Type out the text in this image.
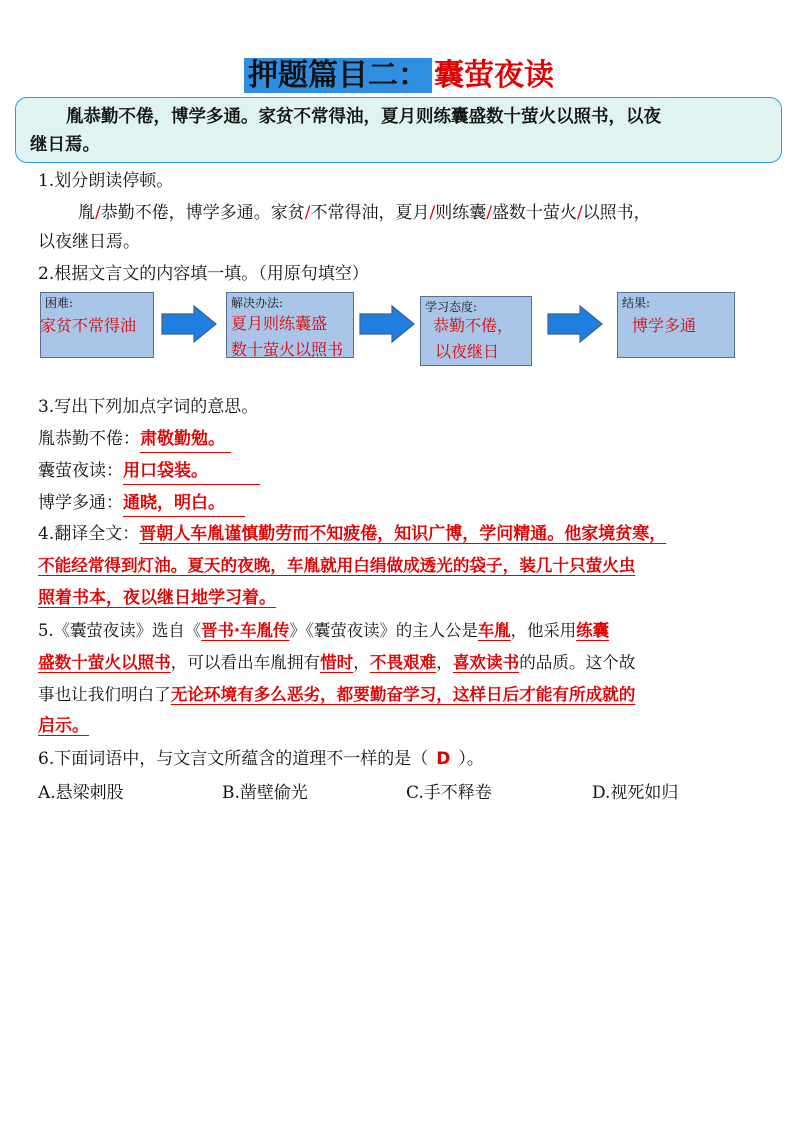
押题篇目二： 囊萤夜读
胤恭勤不倦，博学多通。家贫不常得油，夏月则练囊盛数十萤火以照书，以夜
继日焉。
1.划分朗读停顿。
胤/恭勤不倦，博学多通。家贫/不常得油，夏月/则练囊/盛数十萤火/以照书，
以夜继日焉。
2.根据文言文的内容填一填。（用原句填空）
困难:
家贫不常得油
解决办法:
夏月则练囊盛
数十萤火以照书
学习态度:
恭勤不倦，
以夜继日
结果:
博学多通
3.写出下列加点字词的意思。
胤恭勤不倦：肃敬勤勉。
囊萤夜读：用口袋装。
博学多通：通晓，明白。
4.翻译全文：晋朝人车胤谨慎勤劳而不知疲倦，知识广博，学问精通。他家境贫寒，
不能经常得到灯油。夏天的夜晚，车胤就用白绢做成透光的袋子，装几十只萤火虫
照着书本，夜以继日地学习着。
5.《囊萤夜读》选自《晋书·车胤传》《囊萤夜读》的主人公是车胤，他采用练囊
盛数十萤火以照书，可以看出车胤拥有惜时，不畏艰难，喜欢读书的品质。这个故
事也让我们明白了无论环境有多么恶劣，都要勤奋学习，这样日后才能有所成就的
启示。
6.下面词语中，与文言文所蕴含的道理不一样的是（ D ）。
A.悬梁刺股	B.凿壁偷光	C.手不释卷	D.视死如归
